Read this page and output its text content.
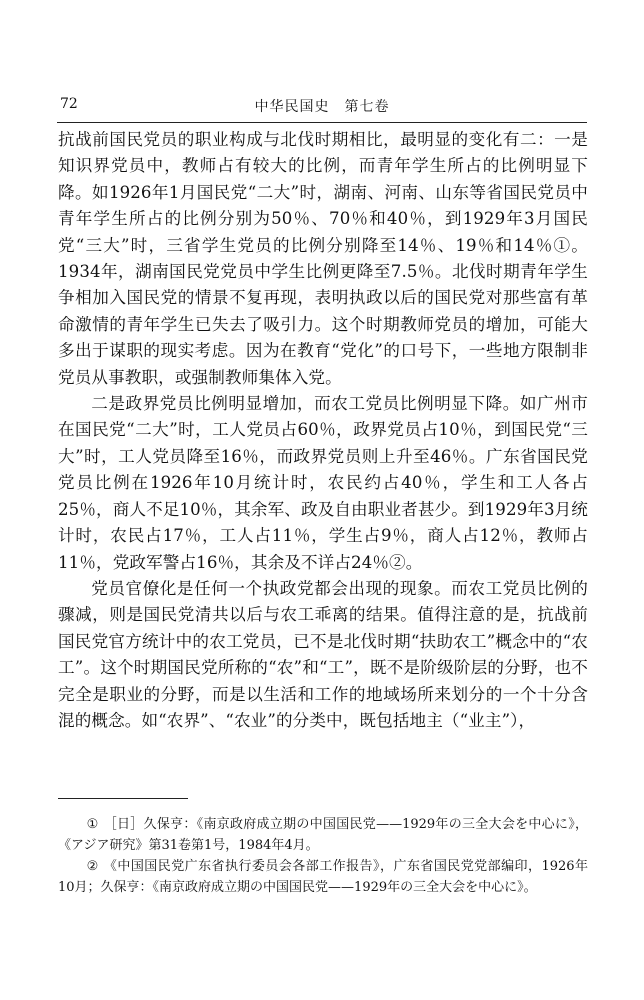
72	中华民国史　第七卷

抗战前国民党员的职业构成与北伐时期相比，最明显的变化有二：一是知识界党员中，教师占有较大的比例，而青年学生所占的比例明显下降。如1926年1月国民党“二大”时，湖南、河南、山东等省国民党员中青年学生所占的比例分别为50％、70％和40％，到1929年3月国民党“三大”时，三省学生党员的比例分别降至14％、19％和14％①。1934年，湖南国民党党员中学生比例更降至7.5％。北伐时期青年学生争相加入国民党的情景不复再现，表明执政以后的国民党对那些富有革命激情的青年学生已失去了吸引力。这个时期教师党员的增加，可能大多出于谋职的现实考虑。因为在教育“党化”的口号下，一些地方限制非党员从事教职，或强制教师集体入党。

二是政界党员比例明显增加，而农工党员比例明显下降。如广州市在国民党“二大”时，工人党员占60％，政界党员占10％，到国民党“三大”时，工人党员降至16％，而政界党员则上升至46％。广东省国民党党员比例在1926年10月统计时，农民约占40％，学生和工人各占25％，商人不足10％，其余军、政及自由职业者甚少。到1929年3月统计时，农民占17％，工人占11％，学生占9％，商人占12％，教师占11％，党政军警占16％，其余及不详占24％②。

党员官僚化是任何一个执政党都会出现的现象。而农工党员比例的骤减，则是国民党清共以后与农工乖离的结果。值得注意的是，抗战前国民党官方统计中的农工党员，已不是北伐时期“扶助农工”概念中的“农工”。这个时期国民党所称的“农”和“工”，既不是阶级阶层的分野，也不完全是职业的分野，而是以生活和工作的地域场所来划分的一个十分含混的概念。如“农界”、“农业”的分类中，既包括地主（“业主”），

① ［日］久保亨：《南京政府成立期の中国国民党——1929年の三全大会を中心に》，《アジア研究》第31卷第1号，1984年4月。

② 《中国国民党广东省执行委员会各部工作报告》，广东省国民党党部编印，1926年10月；久保亨：《南京政府成立期の中国国民党——1929年の三全大会を中心に》。
